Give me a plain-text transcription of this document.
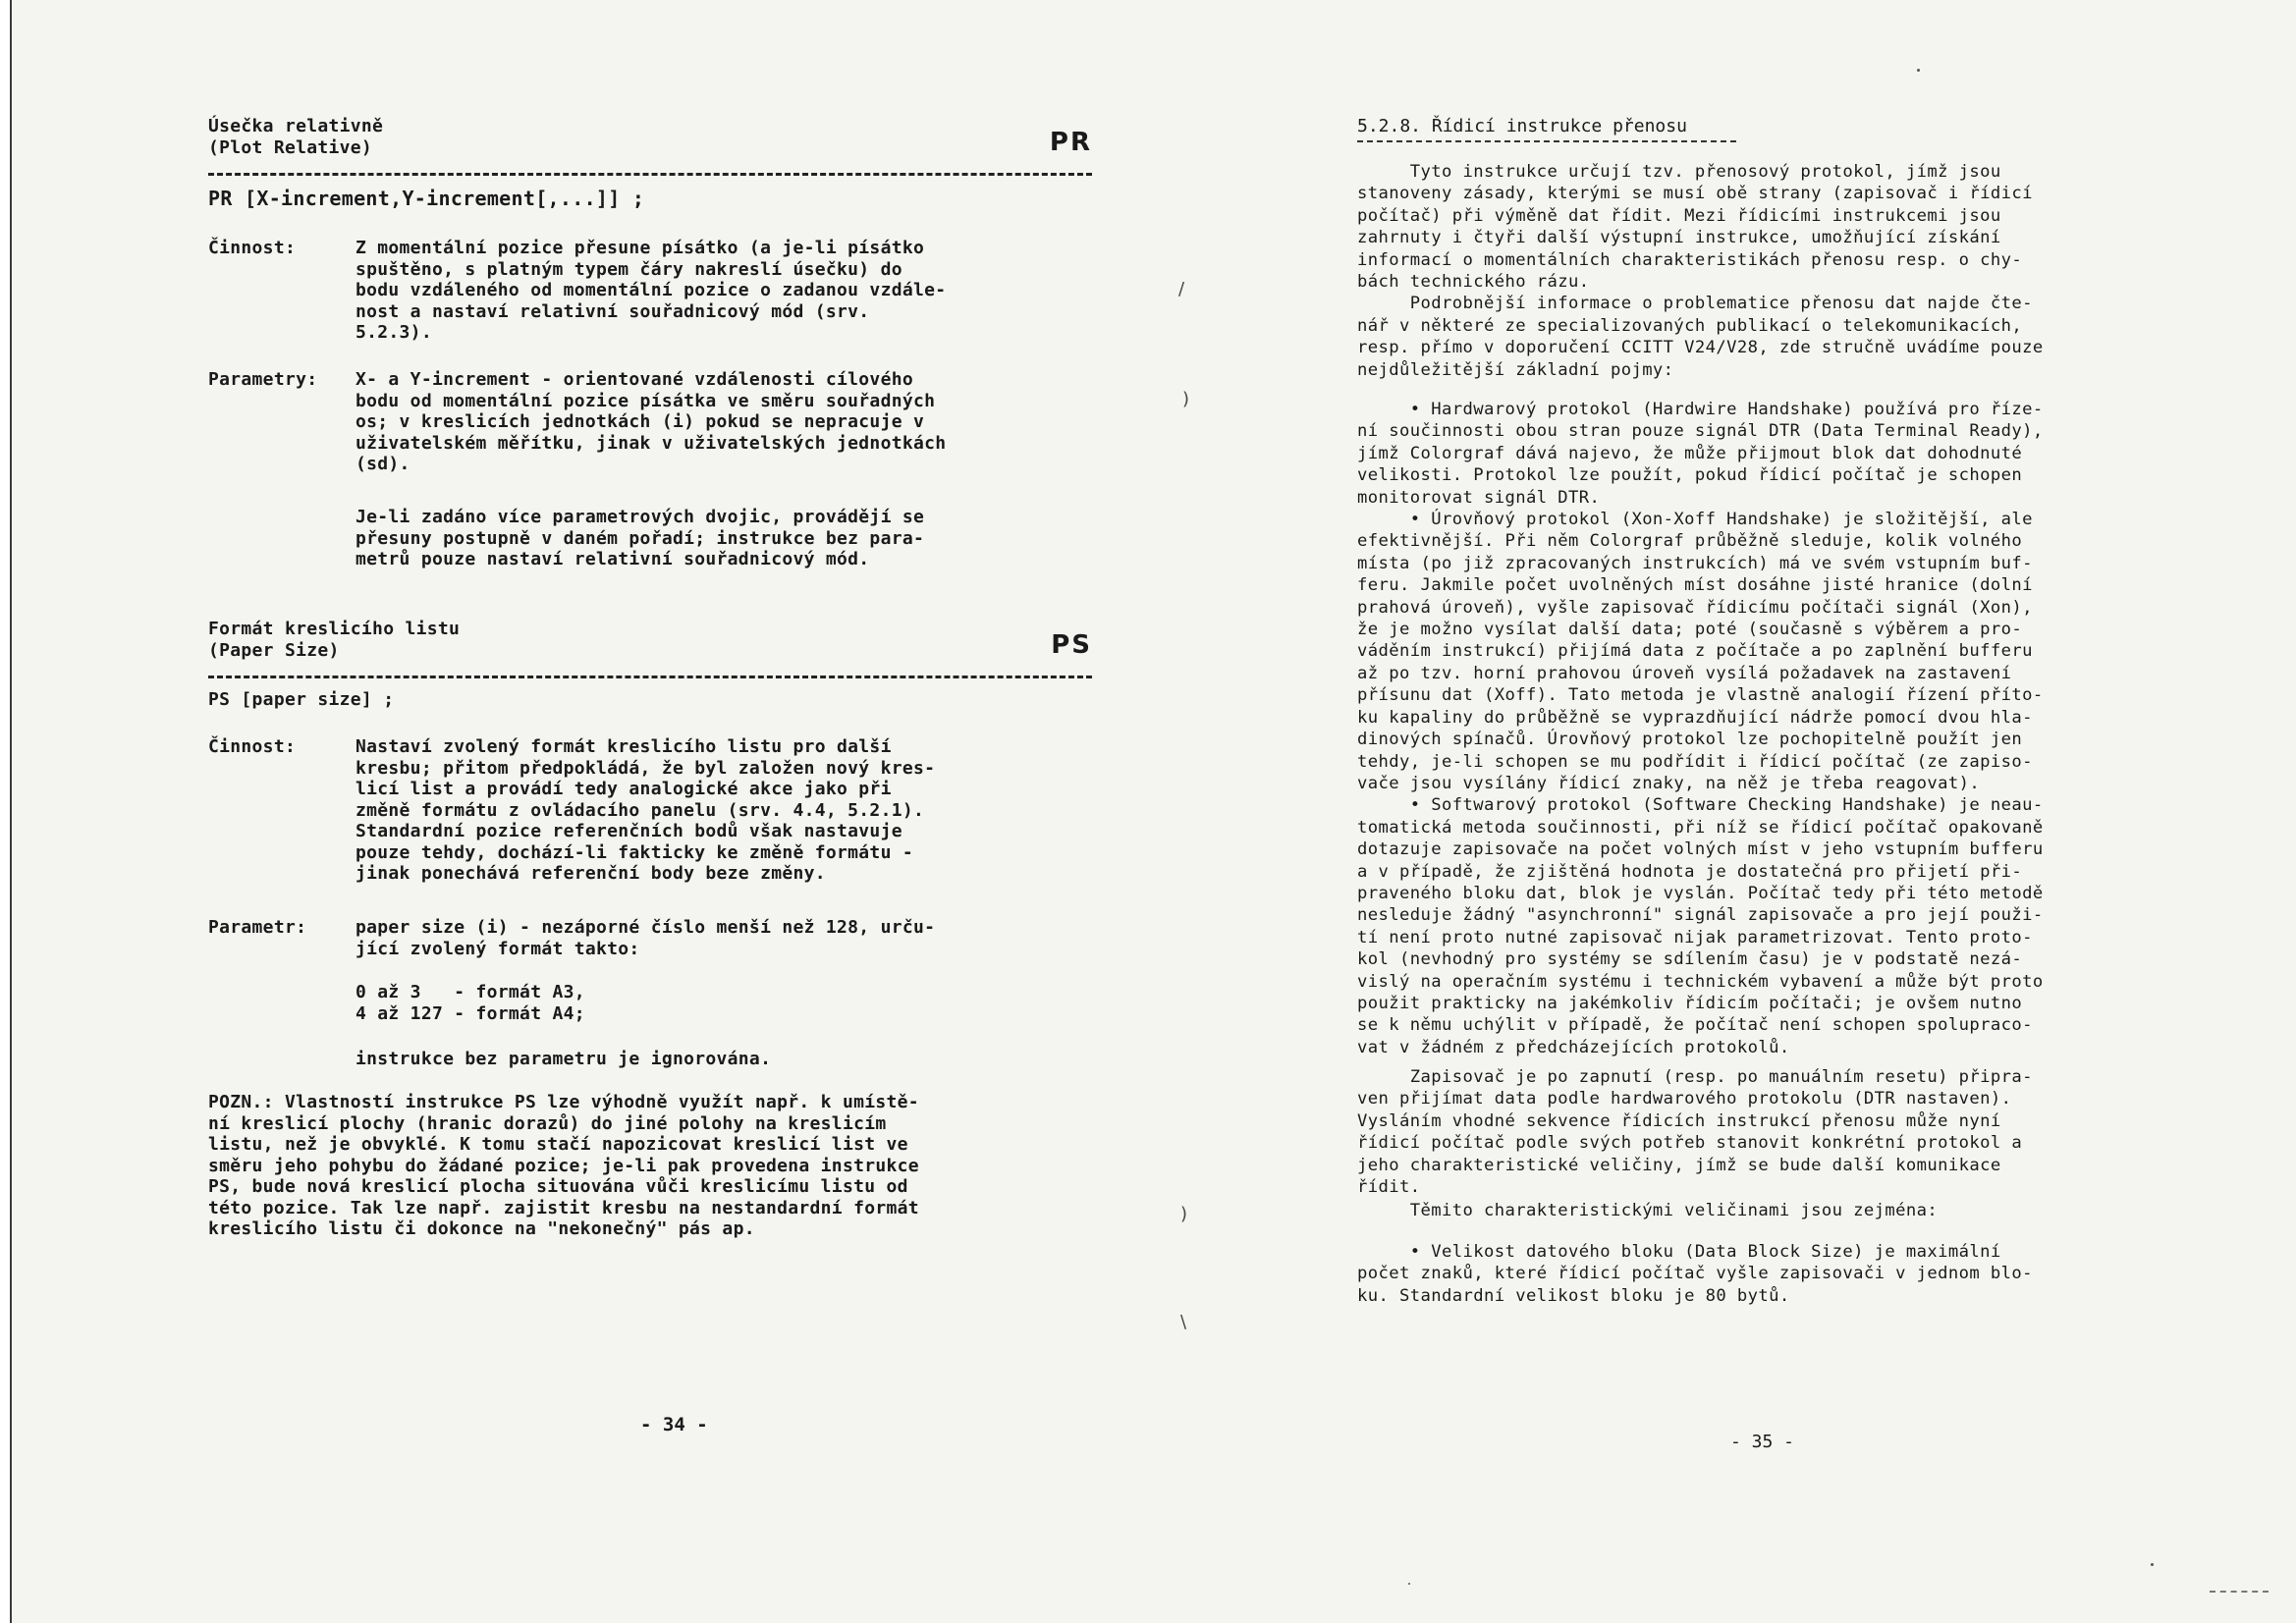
Úsečka relativně
(Plot Relative)	PR
PR [X-increment,Y-increment[,...]] ;
Činnost:	Z momentální pozice přesune písátko (a je-li písátko
spuštěno, s platným typem čáry nakreslí úsečku) do
bodu vzdáleného od momentální pozice o zadanou vzdále-
nost a nastaví relativní souřadnicový mód (srv.
5.2.3).
Parametry: X- a Y-increment - orientované vzdálenosti cílového
bodu od momentální pozice písátka ve směru souřadných
os; v kreslicích jednotkách (i) pokud se nepracuje v
uživatelském měřítku, jinak v uživatelských jednotkách
(sd).
Je-li zadáno více parametrových dvojic, provádějí se
přesuny postupně v daném pořadí; instrukce bez para-
metrů pouze nastaví relativní souřadnicový mód.
Formát kreslicího listu
(Paper Size)	PS
PS [paper size] ;
Činnost:	Nastaví zvolený formát kreslicího listu pro další
kresbu; přitom předpokládá, že byl založen nový kres-
licí list a provádí tedy analogické akce jako při
změně formátu z ovládacího panelu (srv. 4.4, 5.2.1).
Standardní pozice referenčních bodů však nastavuje
pouze tehdy, dochází-li fakticky ke změně formátu -
jinak ponechává referenční body beze změny.
Parametr:	paper size (i) - nezáporné číslo menší než 128, urču-
jící zvolený formát takto:
0 až 3   - formát A3,
4 až 127 - formát A4;
instrukce bez parametru je ignorována.
POZN.: Vlastností instrukce PS lze výhodně využít např. k umístě-
ní kreslicí plochy (hranic dorazů) do jiné polohy na kreslicím
listu, než je obvyklé. K tomu stačí napozicovat kreslicí list ve
směru jeho pohybu do žádané pozice; je-li pak provedena instrukce
PS, bude nová kreslicí plocha situována vůči kreslicímu listu od
této pozice. Tak lze např. zajistit kresbu na nestandardní formát
kreslicího listu či dokonce na "nekonečný" pás ap.
- 34 -
5.2.8. Řídicí instrukce přenosu
Tyto instrukce určují tzv. přenosový protokol, jímž jsou
stanoveny zásady, kterými se musí obě strany (zapisovač i řídicí
počítač) při výměně dat řídit. Mezi řídicími instrukcemi jsou
zahrnuty i čtyři další výstupní instrukce, umožňující získání
informací o momentálních charakteristikách přenosu resp. o chy-
bách technického rázu.
Podrobnější informace o problematice přenosu dat najde čte-
nář v některé ze specializovaných publikací o telekomunikacích,
resp. přímo v doporučení CCITT V24/V28, zde stručně uvádíme pouze
nejdůležitější základní pojmy:
• Hardwarový protokol (Hardwire Handshake) používá pro řízе-
ní součinnosti obou stran pouze signál DTR (Data Terminal Ready),
jímž Colorgraf dává najevo, že může přijmout blok dat dohodnuté
velikosti. Protokol lze použít, pokud řídicí počítač je schopen
monitorovat signál DTR.
• Úrovňový protokol (Xon-Xoff Handshake) je složitější, ale
efektivnější. Při něm Colorgraf průběžně sleduje, kolik volného
místa (po již zpracovaných instrukcích) má ve svém vstupním buf-
feru. Jakmile počet uvolněných míst dosáhne jisté hranice (dolní
prahová úroveň), vyšle zapisovač řídicímu počítači signál (Xon),
že je možno vysílat další data; poté (současně s výběrem a pro-
váděním instrukcí) přijímá data z počítače a po zaplnění bufferu
až po tzv. horní prahovou úroveň vysílá požadavek na zastavení
přísunu dat (Xoff). Tato metoda je vlastně analogií řízení příto-
ku kapaliny do průběžně se vyprazdňující nádrže pomocí dvou hla-
dinových spínačů. Úrovňový protokol lze pochopitelně použít jen
tehdy, je-li schopen se mu podřídit i řídicí počítač (ze zapiso-
vače jsou vysílány řídicí znaky, na něž je třeba reagovat).
• Softwarový protokol (Software Checking Handshake) je neau-
tomatická metoda součinnosti, při níž se řídicí počítač opakovaně
dotazuje zapisovače na počet volných míst v jeho vstupním bufferu
a v případě, že zjištěná hodnota je dostatečná pro přijetí při-
praveného bloku dat, blok je vyslán. Počítač tedy při této metodě
nesleduje žádný "asynchronní" signál zapisovače a pro její použi-
tí není proto nutné zapisovač nijak parametrizovat. Tento proto-
kol (nevhodný pro systémy se sdílením času) je v podstatě nezá-
vislý na operačním systému i technickém vybavení a může být proto
použit prakticky na jakémkoliv řídicím počítači; je ovšem nutno
se k němu uchýlit v případě, že počítač není schopen spolupraco-
vat v žádném z předcházejících protokolů.
Zapisovač je po zapnutí (resp. po manuálním resetu) připra-
ven přijímat data podle hardwarového protokolu (DTR nastaven).
Vysláním vhodné sekvence řídicích instrukcí přenosu může nyní
řídicí počítač podle svých potřeb stanovit konkrétní protokol a
jeho charakteristické veličiny, jímž se bude další komunikace
řídit.
Těmito charakteristickými veličinami jsou zejména:
• Velikost datového bloku (Data Block Size) je maximální
počet znaků, které řídicí počítač vyšle zapisovači v jednom blo-
ku. Standardní velikost bloku je 80 bytů.
- 35 -
/
)
)
\
